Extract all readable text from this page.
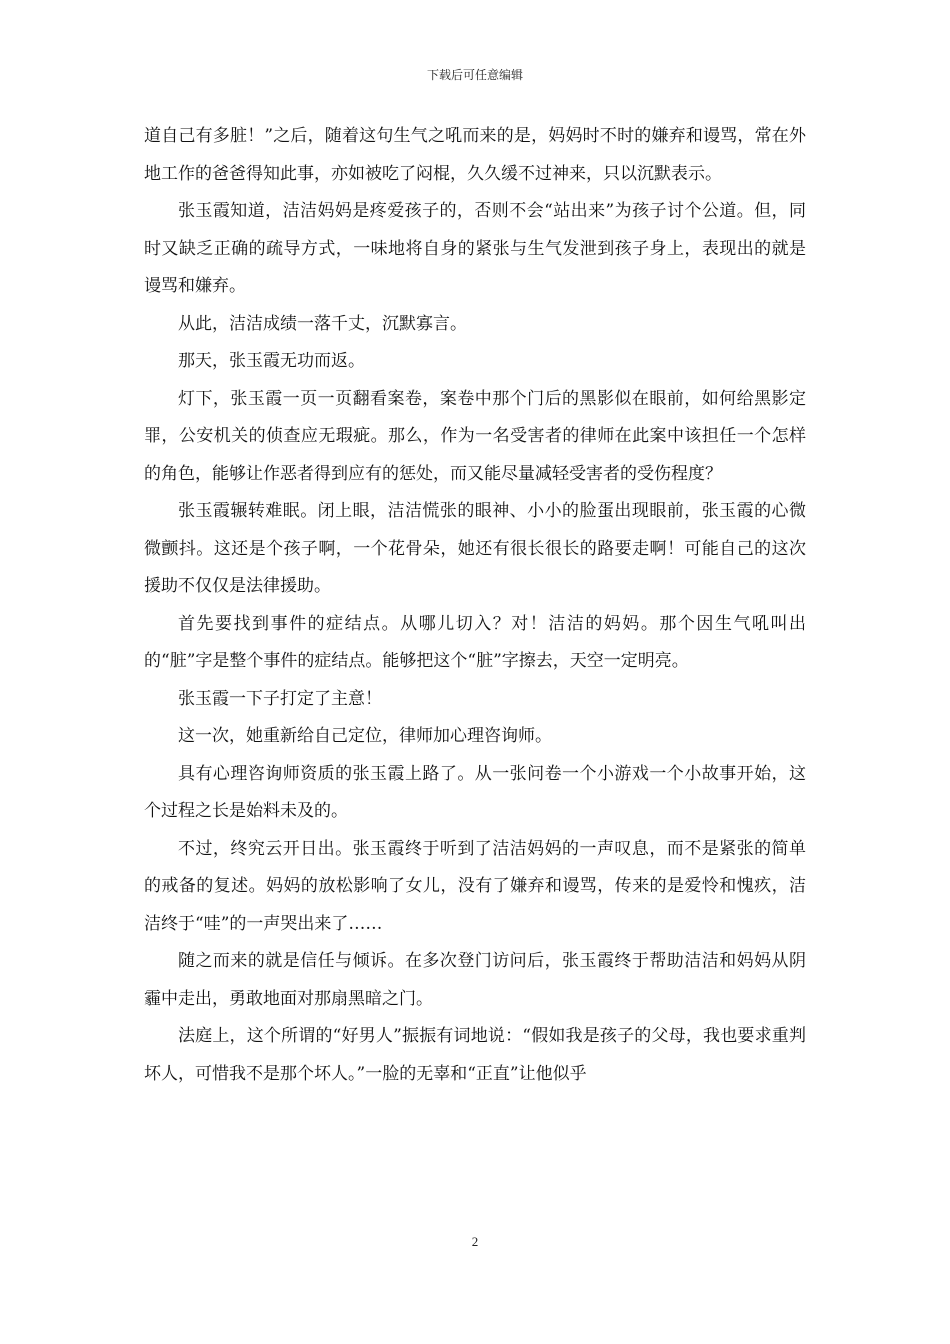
下载后可任意编辑

道自己有多脏！”之后，随着这句生气之吼而来的是，妈妈时不时的嫌弃和谩骂，常在外地工作的爸爸得知此事，亦如被吃了闷棍，久久缓不过神来，只以沉默表示。

张玉霞知道，洁洁妈妈是疼爱孩子的，否则不会“站出来”为孩子讨个公道。但，同时又缺乏正确的疏导方式，一味地将自身的紧张与生气发泄到孩子身上，表现出的就是谩骂和嫌弃。

从此，洁洁成绩一落千丈，沉默寡言。

那天，张玉霞无功而返。

灯下，张玉霞一页一页翻看案卷，案卷中那个门后的黑影似在眼前，如何给黑影定罪，公安机关的侦查应无瑕疵。那么，作为一名受害者的律师在此案中该担任一个怎样的角色，能够让作恶者得到应有的惩处，而又能尽量减轻受害者的受伤程度？

张玉霞辗转难眠。闭上眼，洁洁慌张的眼神、小小的脸蛋出现眼前，张玉霞的心微微颤抖。这还是个孩子啊，一个花骨朵，她还有很长很长的路要走啊！可能自己的这次援助不仅仅是法律援助。

首先要找到事件的症结点。从哪儿切入？对！洁洁的妈妈。那个因生气吼叫出的“脏”字是整个事件的症结点。能够把这个“脏”字擦去，天空一定明亮。

张玉霞一下子打定了主意！

这一次，她重新给自己定位，律师加心理咨询师。

具有心理咨询师资质的张玉霞上路了。从一张问卷一个小游戏一个小故事开始，这个过程之长是始料未及的。

不过，终究云开日出。张玉霞终于听到了洁洁妈妈的一声叹息，而不是紧张的简单的戒备的复述。妈妈的放松影响了女儿，没有了嫌弃和谩骂，传来的是爱怜和愧疚，洁洁终于“哇”的一声哭出来了……

随之而来的就是信任与倾诉。在多次登门访问后，张玉霞终于帮助洁洁和妈妈从阴霾中走出，勇敢地面对那扇黑暗之门。

法庭上，这个所谓的“好男人”振振有词地说：“假如我是孩子的父母，我也要求重判坏人，可惜我不是那个坏人。”一脸的无辜和“正直”让他似乎

2
